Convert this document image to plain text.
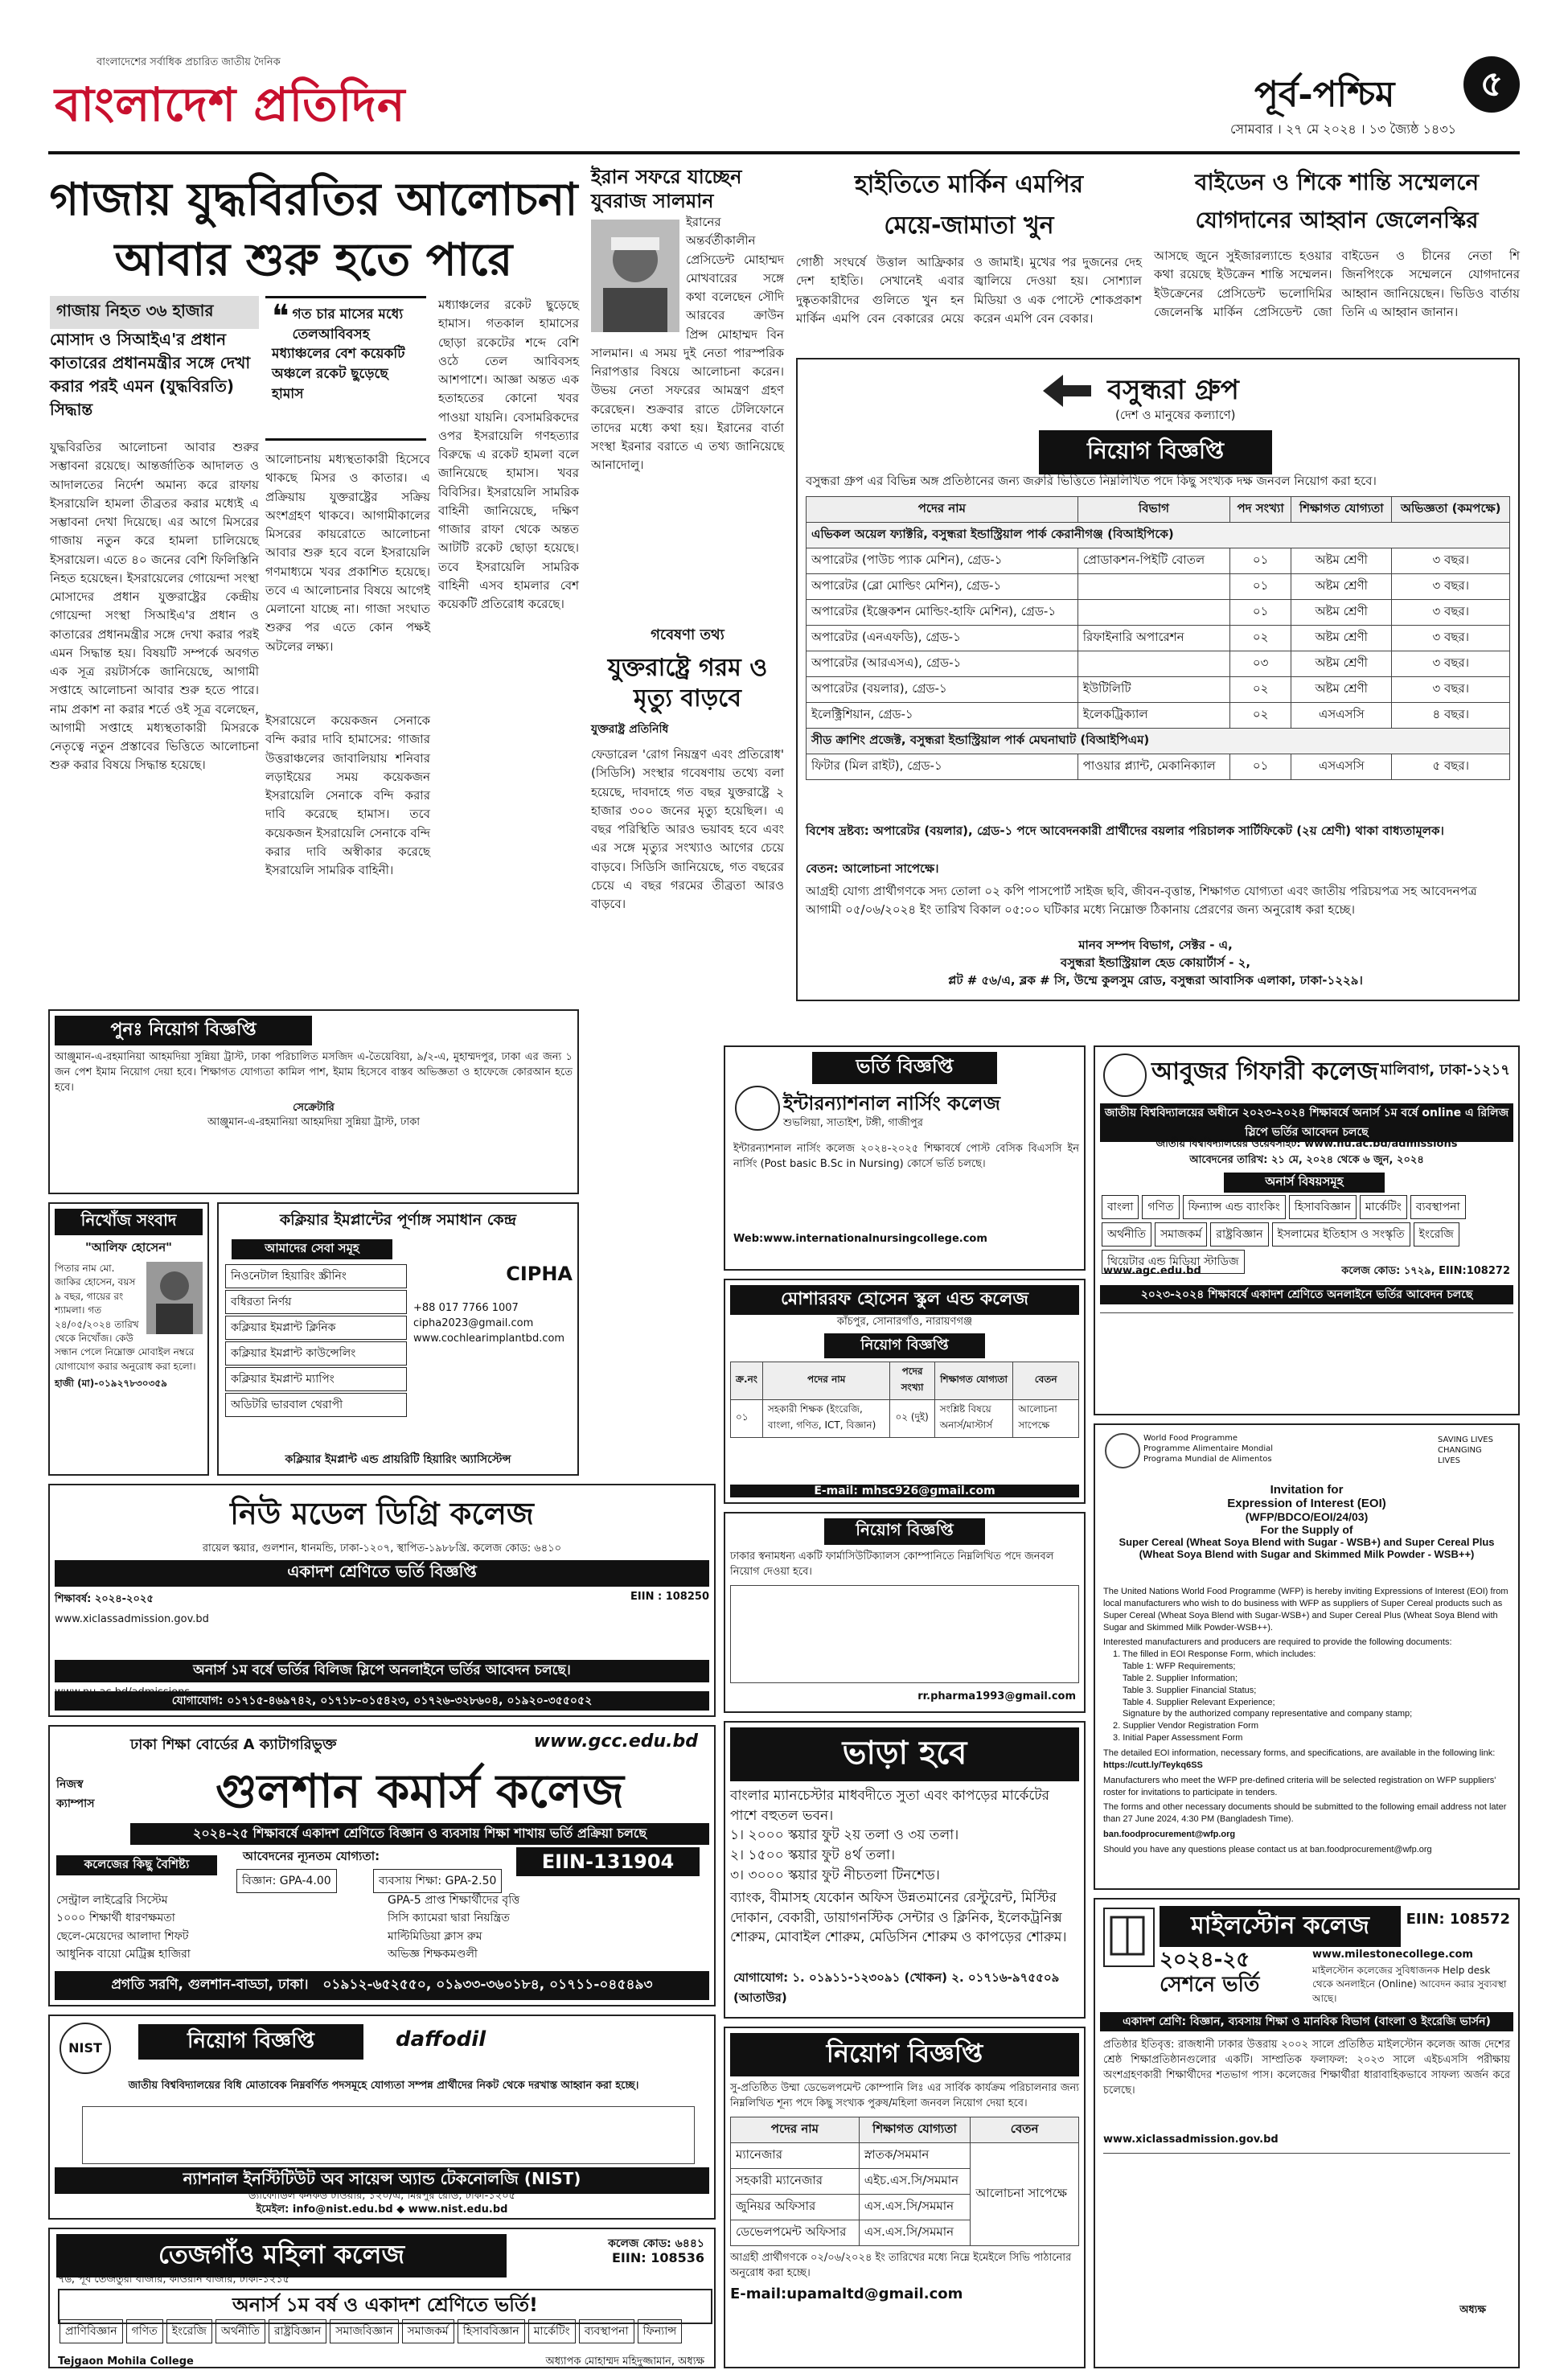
বাংলাদেশের সর্বাধিক প্রচারিত জাতীয় দৈনিক
বাংলাদেশ প্রতিদিন	পূর্ব-পশ্চিম	৫
সোমবার । ২৭ মে ২০২৪ । ১৩ জ্যৈষ্ঠ ১৪৩১
গাজায় যুদ্ধবিরতির আলোচনা
আবার শুরু হতে পারে
গাজায় নিহত ৩৬ হাজার
মোসাদ ও সিআইএ'র প্রধান কাতারের প্রধানমন্ত্রীর সঙ্গে দেখা করার পরই এমন (যুদ্ধবিরতি) সিদ্ধান্ত
❝ গত চার মাসের মধ্যে তেলআবিবসহ মধ্যাঞ্চলের বেশ কয়েকটি অঞ্চলে রকেট ছুড়েছে হামাস
যুদ্ধবিরতির আলোচনা আবার শুরুর সম্ভাবনা রয়েছে। আন্তর্জাতিক আদালত ও আদালতের নির্দেশ অমান্য করে রাফায় ইসরায়েলি হামলা তীব্রতর করার মধ্যেই এ সম্ভাবনা দেখা দিয়েছে। এর আগে মিসরের গাজায় নতুন করে হামলা চালিয়েছে ইসরায়েল। এতে ৪০ জনের বেশি ফিলিস্তিনি নিহত হয়েছেন। ইসরায়েলের গোয়েন্দা সংস্থা মোসাদের প্রধান যুক্তরাষ্ট্রের কেন্দ্রীয় গোয়েন্দা সংস্থা সিআইএ'র প্রধান ও কাতারের প্রধানমন্ত্রীর সঙ্গে দেখা করার পরই এমন সিদ্ধান্ত হয়। বিষয়টি সম্পর্কে অবগত এক সূত্র রয়টার্সকে জানিয়েছে, আগামী সপ্তাহে আলোচনা আবার শুরু হতে পারে। নাম প্রকাশ না করার শর্তে ওই সূত্র বলেছেন, আগামী সপ্তাহে মধ্যস্থতাকারী মিসরকে নেতৃত্বে নতুন প্রস্তাবের ভিত্তিতে আলোচনা শুরু করার বিষয়ে সিদ্ধান্ত হয়েছে।
মধ্যাঞ্চলের রকেট ছুড়েছে হামাস। গতকাল হামাসের ছোড়া রকেটের শব্দে বেশি ওঠে তেল আবিবসহ আশপাশে। আজ্ঞা অন্তত এক হতাহতের কোনো খবর পাওয়া যায়নি। বেসামরিকদের ওপর ইসরায়েলি গণহত্যার বিরুদ্ধে এ রকেট হামলা বলে জানিয়েছে হামাস। খবর বিবিসির। ইসরায়েলি সামরিক বাহিনী জানিয়েছে, দক্ষিণ গাজার রাফা থেকে অন্তত আটটি রকেট ছোড়া হয়েছে। তবে ইসরায়েলি সামরিক বাহিনী এসব হামলার বেশ কয়েকটি প্রতিরোধ করেছে।
আলোচনায় মধ্যস্থতাকারী হিসেবে থাকছে মিসর ও কাতার। এ প্রক্রিয়ায় যুক্তরাষ্ট্রের সক্রিয় অংশগ্রহণ থাকবে। আগামীকালের মিসরের কায়রোতে আলোচনা আবার শুরু হবে বলে ইসরায়েলি গণমাধ্যমে খবর প্রকাশিত হয়েছে। তবে এ আলোচনার বিষয়ে আগেই মেলানো যাচ্ছে না। গাজা সংঘাত শুরুর পর এতে কোন পক্ষই অটলের লক্ষ্য।
ইসরায়েলে কয়েকজন সেনাকে বন্দি করার দাবি হামাসের: গাজার উত্তরাঞ্চলের জাবালিয়ায় শনিবার লড়াইয়ের সময় কয়েকজন ইসরায়েলি সেনাকে বন্দি করার দাবি করেছে হামাস। তবে কয়েকজন ইসরায়েলি সেনাকে বন্দি করার দাবি অস্বীকার করেছে ইসরায়েলি সামরিক বাহিনী।
ইরান সফরে যাচ্ছেন যুবরাজ সালমান
ইরানের অন্তর্বর্তীকালীন প্রেসিডেন্ট মোহাম্মদ মোখবারের সঙ্গে কথা বলেছেন সৌদি আরবের ক্রাউন প্রিন্স মোহাম্মদ বিন সালমান। এ সময় দুই নেতা পারস্পরিক নিরাপত্তার বিষয়ে আলোচনা করেন। উভয় নেতা সফরের আমন্ত্রণ গ্রহণ করেছেন। শুক্রবার রাতে টেলিফোনে তাদের মধ্যে কথা হয়। ইরানের বার্তা সংস্থা ইরনার বরাতে এ তথ্য জানিয়েছে আনাদোলু।
গবেষণা তথ্য
যুক্তরাষ্ট্রে গরম ও মৃত্যু বাড়বে
যুক্তরাষ্ট্র প্রতিনিধি
ফেডারেল 'রোগ নিয়ন্ত্রণ এবং প্রতিরোধ' (সিডিসি) সংস্থার গবেষণায় তথ্যে বলা হয়েছে, দাবদাহে গত বছর যুক্তরাষ্ট্রে ২ হাজার ৩০০ জনের মৃত্যু হয়েছিল। এ বছর পরিস্থিতি আরও ভয়াবহ হবে এবং এর সঙ্গে মৃত্যুর সংখ্যাও আগের চেয়ে বাড়বে। সিডিসি জানিয়েছে, গত বছরের চেয়ে এ বছর গরমের তীব্রতা আরও বাড়বে।
হাইতিতে মার্কিন এমপির
মেয়ে-জামাতা খুন
গোষ্ঠী সংঘর্ষে উত্তাল আফ্রিকার দেশ হাইতি। সেখানেই এবার দুষ্কৃতকারীদের গুলিতে খুন হন মার্কিন এমপি বেন বেকারের মেয়ে ও জামাই। মুখের পর দুজনের দেহ জ্বালিয়ে দেওয়া হয়। সোশ্যাল মিডিয়া ও এক পোস্টে শোকপ্রকাশ করেন এমপি বেন বেকার।
বাইডেন ও শিকে শান্তি সম্মেলনে
যোগদানের আহ্বান জেলেনস্কির
আসছে জুনে সুইজারল্যান্ডে হওয়ার কথা রয়েছে ইউক্রেন শান্তি সম্মেলন। ইউক্রেনের প্রেসিডেন্ট ভলোদিমির জেলেনস্কি মার্কিন প্রেসিডেন্ট জো বাইডেন ও চীনের নেতা শি জিনপিংকে সম্মেলনে যোগদানের আহ্বান জানিয়েছেন। ভিডিও বার্তায় তিনি এ আহ্বান জানান।
বসুন্ধরা গ্রুপ
(দেশ ও মানুষের কল্যাণে)
নিয়োগ বিজ্ঞপ্তি
বসুন্ধরা গ্রুপ এর বিভিন্ন অঙ্গ প্রতিষ্ঠানের জন্য জরুরি ভিত্তিতে নিম্নলিখিত পদে কিছু সংখ্যক দক্ষ জনবল নিয়োগ করা হবে।
পদের নাম	বিভাগ	পদ সংখ্যা	শিক্ষাগত যোগ্যতা	অভিজ্ঞতা (কমপক্ষে)
এভিকল অয়েল ফ্যাক্টরি, বসুন্ধরা ইন্ডাস্ট্রিয়াল পার্ক কেরানীগঞ্জ (বিআইপিকে)				
অপারেটর (পাউচ প্যাক মেশিন), গ্রেড-১	প্রোডাকশন-পিইটি বোতল	০১	অষ্টম শ্রেণী	৩ বছর।
অপারেটর (ব্লো মোল্ডিং মেশিন), গ্রেড-১		০১	অষ্টম শ্রেণী	৩ বছর।
অপারেটর (ইঞ্জেকশন মোল্ডিং-হাফি মেশিন), গ্রেড-১		০১	অষ্টম শ্রেণী	৩ বছর।
অপারেটর (এনএফডি), গ্রেড-১	রিফাইনারি অপারেশন	০২	অষ্টম শ্রেণী	৩ বছর।
অপারেটর (আরএসএ), গ্রেড-১		০৩	অষ্টম শ্রেণী	৩ বছর।
অপারেটর (বয়লার), গ্রেড-১	ইউটিলিটি	০২	অষ্টম শ্রেণী	৩ বছর।
ইলেক্ট্রিশিয়ান, গ্রেড-১	ইলেকট্রিক্যাল	০২	এসএসসি	৪ বছর।
সীড ক্রাশিং প্রজেক্ট, বসুন্ধরা ইন্ডাস্ট্রিয়াল পার্ক মেঘনাঘাট (বিআইপিএম)				
ফিটার (মিল রাইট), গ্রেড-১	পাওয়ার প্ল্যান্ট, মেকানিক্যাল	০১	এসএসসি	৫ বছর।
বিশেষ দ্রষ্টব্য: অপারেটর (বয়লার), গ্রেড-১ পদে আবেদনকারী প্রার্থীদের বয়লার পরিচালক সার্টিফিকেট (২য় শ্রেণী) থাকা বাধ্যতামূলক।
বেতন: আলোচনা সাপেক্ষে।
আগ্রহী যোগ্য প্রার্থীগণকে সদ্য তোলা ০২ কপি পাসপোর্ট সাইজ ছবি, জীবন-বৃত্তান্ত, শিক্ষাগত যোগ্যতা এবং জাতীয় পরিচয়পত্র সহ আবেদনপত্র আগামী ০৫/০৬/২০২৪ ইং তারিখ বিকাল ০৫:০০ ঘটিকার মধ্যে নিম্নোক্ত ঠিকানায় প্রেরণের জন্য অনুরোধ করা হচ্ছে।
মানব সম্পদ বিভাগ, সেক্টর - এ,
বসুন্ধরা ইন্ডাস্ট্রিয়াল হেড কোয়ার্টার্স - ২,
প্লট # ৫৬/এ, ব্লক # সি, উম্মে কুলসুম রোড, বসুন্ধরা আবাসিক এলাকা, ঢাকা-১২২৯।
পুনঃ নিয়োগ বিজ্ঞপ্তি
আঞ্জুমান-এ-রহমানিয়া আহমদিয়া সুন্নিয়া ট্রাস্ট, ঢাকা পরিচালিত মসজিদ এ-তৈয়েবিয়া, ৯/২-এ, মুহাম্মদপুর, ঢাকা এর জন্য ১ জন পেশ ইমাম নিয়োগ দেয়া হবে। শিক্ষাগত যোগ্যতা কামিল পাশ, ইমাম হিসেবে বাস্তব অভিজ্ঞতা ও হাফেজে কোরআন হতে হবে।
সেক্রেটারি
আঞ্জুমান-এ-রহমানিয়া আহমদিয়া সুন্নিয়া ট্রাস্ট, ঢাকা
নিখোঁজ সংবাদ
"আলিফ হোসেন"
পিতার নাম মো. জাকির হোসেন, বয়স ৯ বছর, গায়ের রং শ্যামলা। গত ২৪/০৫/২০২৪ তারিখ থেকে নিখোঁজ। কেউ সন্ধান পেলে নিম্নোক্ত মোবাইল নম্বরে যোগাযোগ করার অনুরোধ করা হলো।
হাজী (মা)-০১৯২৭৮৩০৩৫৯
কক্লিয়ার ইমপ্লান্টের পূর্ণাঙ্গ সমাধান কেন্দ্র
আমাদের সেবা সমূহ
নিওনেটাল হিয়ারিং স্ক্রীনিং
বধিরতা নির্ণয়
কক্লিয়ার ইমপ্লান্ট ক্লিনিক
কক্লিয়ার ইমপ্লান্ট কাউন্সেলিং
কক্লিয়ার ইমপ্লান্ট ম্যাপিং
অডিটরি ভারবাল থেরাপী
CIPHA
+88 017 7766 1007
cipha2023@gmail.com
www.cochlearimplantbd.com
কক্লিয়ার ইমপ্লান্ট এন্ড প্রায়রিটি হিয়ারিং অ্যাসিস্টেন্স
নিউ মডেল ডিগ্রি কলেজ
রায়েল স্কয়ার, গুলশান, ধানমন্ডি, ঢাকা-১২০৭, স্থাপিত-১৯৮৮খ্রি. কলেজ কোড: ৬৪১০
একাদশ শ্রেণিতে ভর্তি বিজ্ঞপ্তি
শিক্ষাবর্ষ: ২০২৪-২০২৫	EIIN : 108250
www.xiclassadmission.gov.bd
অনার্স ১ম বর্ষে ভর্তির বিলিজ স্লিপে অনলাইনে ভর্তির আবেদন চলছে।
যোগাযোগ: ০১৭১৫-৪৬৯৭৪২, ০১৭১৮-০১৫৪২৩, ০১৭২৬-৩২৮৬০৪, ০১৯২০-৩৫৫০৫২
ঢাকা শিক্ষা বোর্ডের A ক্যাটাগরিভুক্ত	www.gcc.edu.bd
গুলশান কমার্স কলেজ
নিজস্ব ক্যাম্পাস
২০২৪-২৫ শিক্ষাবর্ষে একাদশ শ্রেণিতে বিজ্ঞান ও ব্যবসায় শিক্ষা শাখায় ভর্তি প্রক্রিয়া চলছে
আবেদনের ন্যূনতম যোগ্যতা:
বিজ্ঞান: GPA-4.00	ব্যবসায় শিক্ষা: GPA-2.50
EIIN-131904
কলেজের কিছু বৈশিষ্ট্য
সেন্ট্রাল লাইব্রেরি সিস্টেম
১০০০ শিক্ষার্থী ধারণক্ষমতা
ছেলে-মেয়েদের আলাদা শিফট
আধুনিক বায়ো মেট্রিক্স হাজিরা
GPA-5 প্রাপ্ত শিক্ষার্থীদের বৃত্তি
সিসি ক্যামেরা দ্বারা নিয়ন্ত্রিত
মাল্টিমিডিয়া ক্লাস রুম
অভিজ্ঞ শিক্ষকমণ্ডলী
প্রগতি সরণি, গুলশান-বাড্ডা, ঢাকা। ০১৯১২-৬৫২৫৫০, ০১৯৩৩-৩৬০১৮৪, ০১৭১১-০৪৫৪৯৩
NIST	নিয়োগ বিজ্ঞপ্তি	daffodil
জাতীয় বিশ্ববিদ্যালয়ের বিধি মোতাবেক নিম্নবর্ণিত পদসমূহে যোগ্যতা সম্পন্ন প্রার্থীদের নিকট থেকে দরখাস্ত আহ্বান করা হচ্ছে।
ন্যাশনাল ইনস্টিটিউট অব সায়েন্স অ্যান্ড টেকনোলজি (NIST)
ড্যাফোডিল কনকর্ড টাওয়ার, ১২০/এ, মিরপুর রোড, ঢাকা-১২০৫
ইমেইল: info@nist.edu.bd ◆ www.nist.edu.bd
তেজগাঁও মহিলা কলেজ	কলেজ কোড: ৬৪৪১
EIIN: 108536
৭৬, পূর্ব তেজতুরী বাজার, কাওরান বাজার, ঢাকা-১২১৫
অনার্স ১ম বর্ষ ও একাদশ শ্রেণিতে ভর্তি!
প্রাণিবিজ্ঞান গণিত ইংরেজি অর্থনীতি রাষ্ট্রবিজ্ঞান সমাজবিজ্ঞান সমাজকর্ম হিসাববিজ্ঞান মার্কেটিং ব্যবস্থাপনা ফিন্যান্স
Tejgaon Mohila College	অধ্যাপক মোহাম্মদ মহিদুজ্জামান, অধ্যক্ষ
ভর্তি বিজ্ঞপ্তি
ইন্টারন্যাশনাল নার্সিং কলেজ
শুভলিয়া, সাতাইশ, টঙ্গী, গাজীপুর
ইন্টারন্যাশনাল নার্সিং কলেজ ২০২৪-২০২৫ শিক্ষাবর্ষে পোস্ট বেসিক বিএসসি ইন নার্সিং (Post basic B.Sc in Nursing) কোর্সে ভর্তি চলছে।
Web:www.internationalnursingcollege.com
মোশাররফ হোসেন স্কুল এন্ড কলেজ
কাঁচপুর, সোনারগাঁও, নারায়ণগঞ্জ
নিয়োগ বিজ্ঞপ্তি
ক্র.নং	পদের নাম	পদের সংখ্যা	শিক্ষাগত যোগ্যতা	বেতন
০১	সহকারী শিক্ষক (ইংরেজি, বাংলা, গণিত, ICT, বিজ্ঞান)	০২ (দুই)	সংশ্লিষ্ট বিষয়ে অনার্স/মাস্টার্স	আলোচনা সাপেক্ষে
E-mail: mhsc926@gmail.com
নিয়োগ বিজ্ঞপ্তি
ঢাকার স্বনামধন্য একটি ফার্মাসিউটিক্যালস কোম্পানিতে নিম্নলিখিত পদে জনবল নিয়োগ দেওয়া হবে।
rr.pharma1993@gmail.com
ভাড়া হবে
বাংলার ম্যানচেস্টার মাধবদীতে সুতা এবং কাপড়ের মার্কেটের পাশে বহুতল ভবন।
১। ২০০০ স্কয়ার ফুট ২য় তলা ও ৩য় তলা।
২। ১৫০০ স্কয়ার ফুট ৪র্থ তলা।
৩। ৩০০০ স্কয়ার ফুট নীচতলা টিনশেড।
ব্যাংক, বীমাসহ যেকোন অফিস উন্নতমানের রেস্টুরেন্ট, মিস্টির দোকান, বেকারী, ডায়াগনস্টিক সেন্টার ও ক্লিনিক, ইলেকট্রনিক্স শোরুম, মোবাইল শোরুম, মেডিসিন শোরুম ও কাপড়ের শোরুম।
যোগাযোগ: ১. ০১৯১১-১২৩০৯১ (খোকন) ২. ০১৭১৬-৯৭৫৫০৯ (আতাউর)
নিয়োগ বিজ্ঞপ্তি
সু-প্রতিষ্ঠিত উম্মা ডেভেলপমেন্ট কোম্পানি লিঃ এর সার্বিক কার্যক্রম পরিচালনার জন্য নিম্নলিখিত শূন্য পদে কিছু সংখ্যক পুরুষ/মহিলা জনবল নিয়োগ দেয়া হবে।
পদের নাম	শিক্ষাগত যোগ্যতা	বেতন
ম্যানেজার	স্নাতক/সমমান	আলোচনা সাপেক্ষে
সহকারী ম্যানেজার	এইচ.এস.সি/সমমান	
জুনিয়র অফিসার	এস.এস.সি/সমমান	
ডেভেলপমেন্ট অফিসার	এস.এস.সি/সমমান	
আগ্রহী প্রার্থীগণকে ০২/০৬/২০২৪ ইং তারিখের মধ্যে নিম্নে ইমেইলে সিভি পাঠানোর অনুরোধ করা হচ্ছে।
E-mail:upamaltd@gmail.com
আবুজর গিফারী কলেজ মালিবাগ, ঢাকা-১২১৭
জাতীয় বিশ্ববিদ্যালয়ের অধীনে ২০২৩-২০২৪ শিক্ষাবর্ষে অনার্স ১ম বর্ষে online এ রিলিজ স্লিপে ভর্তির আবেদন চলছে
জাতীয় বিশ্ববিদ্যালয়ের ওয়েবসাইট: www.nu.ac.bd/admissions
আবেদনের তারিখ: ২১ মে, ২০২৪ থেকে ৬ জুন, ২০২৪
অনার্স বিষয়সমূহ
বাংলা গণিত ফিন্যান্স এন্ড ব্যাংকিং হিসাববিজ্ঞান মার্কেটিং ব্যবস্থাপনাঅর্থনীতি সমাজকর্ম রাষ্ট্রবিজ্ঞান ইসলামের ইতিহাস ও সংস্কৃতি ইংরেজিথিয়েটার এন্ড মিডিয়া স্টাডিজ
www.agc.edu.bd	কলেজ কোড: ১৭২৯, EIIN:108272
২০২৩-২০২৪ শিক্ষাবর্ষে একাদশ শ্রেণিতে অনলাইনে ভর্তির আবেদন চলছে
World Food Programme
Programme Alimentaire Mondial
Programa Mundial de Alimentos
SAVING LIVES CHANGING LIVES
Invitation for
Expression of Interest (EOI)
(WFP/BDCO/EOI/24/03)
For the Supply of
Super Cereal (Wheat Soya Blend with Sugar - WSB+) and Super Cereal Plus
(Wheat Soya Blend with Sugar and Skimmed Milk Powder - WSB++)
The United Nations World Food Programme (WFP) is hereby inviting Expressions of Interest (EOI) from local manufacturers who wish to do business with WFP as suppliers of Super Cereal products such as Super Cereal (Wheat Soya Blend with Sugar-WSB+) and Super Cereal Plus (Wheat Soya Blend with Sugar and Skimmed Milk Powder-WSB++).
Interested manufacturers and producers are required to provide the following documents:
1. The filled in EOI Response Form, which includes:
Table 1: WFP Requirements;
Table 2. Supplier Information;
Table 3. Supplier Financial Status;
Table 4. Supplier Relevant Experience;
Signature by the authorized company representative and company stamp;
2. Supplier Vendor Registration Form
3. Initial Paper Assessment Form
The detailed EOI information, necessary forms, and specifications, are available in the following link:
https://cutt.ly/Teykq6SS
Manufacturers who meet the WFP pre-defined criteria will be selected registration on WFP suppliers' roster for invitations to participate in tenders.
The forms and other necessary documents should be submitted to the following email address not later than 27 June 2024, 4:30 PM (Bangladesh Time).
ban.foodprocurement@wfp.org
Should you have any questions please contact us at ban.foodprocurement@wfp.org
মাইলস্টোন কলেজ	EIIN: 108572
২০২৪-২৫ সেশনে ভর্তি
www.milestonecollege.com
মাইলস্টোন কলেজের সুবিধাজনক Help desk থেকে অনলাইনে (Online) আবেদন করার সুব্যবস্থা আছে।
একাদশ শ্রেণি: বিজ্ঞান, ব্যবসায় শিক্ষা ও মানবিক বিভাগ (বাংলা ও ইংরেজি ভার্সন)
প্রতিষ্ঠার ইতিবৃত্ত: রাজধানী ঢাকার উত্তরায় ২০০২ সালে প্রতিষ্ঠিত মাইলস্টোন কলেজ আজ দেশের শ্রেষ্ঠ শিক্ষাপ্রতিষ্ঠানগুলোর একটি। সাম্প্রতিক ফলাফল: ২০২৩ সালে এইচএসসি পরীক্ষায় অংশগ্রহণকারী শিক্ষার্থীদের শতভাগ পাস। কলেজের শিক্ষার্থীরা ধারাবাহিকভাবে সাফল্য অর্জন করে চলেছে।
www.xiclassadmission.gov.bd
অধ্যক্ষ
